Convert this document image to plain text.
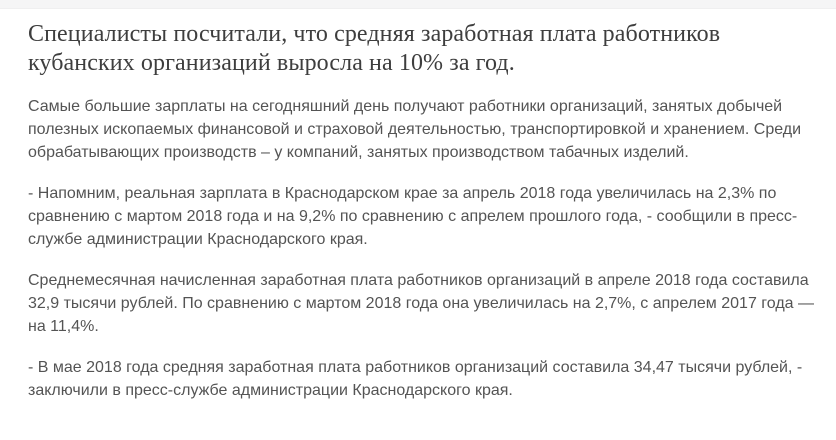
Специалисты посчитали, что средняя заработная плата работников кубанских организаций выросла на 10% за год.

Самые большие зарплаты на сегодняшний день получают работники организаций, занятых добычей полезных ископаемых финансовой и страховой деятельностью, транспортировкой и хранением. Среди обрабатывающих производств – у компаний, занятых производством табачных изделий.

- Напомним, реальная зарплата в Краснодарском крае за апрель 2018 года увеличилась на 2,3% по сравнению с мартом 2018 года и на 9,2% по сравнению с апрелем прошлого года, - сообщили в пресс-службе администрации Краснодарского края.

Среднемесячная начисленная заработная плата работников организаций в апреле 2018 года составила 32,9 тысячи рублей. По сравнению с мартом 2018 года она увеличилась на 2,7%, с апрелем 2017 года — на 11,4%.

- В мае 2018 года средняя заработная плата работников организаций составила 34,47 тысячи рублей, - заключили в пресс-службе администрации Краснодарского края.
